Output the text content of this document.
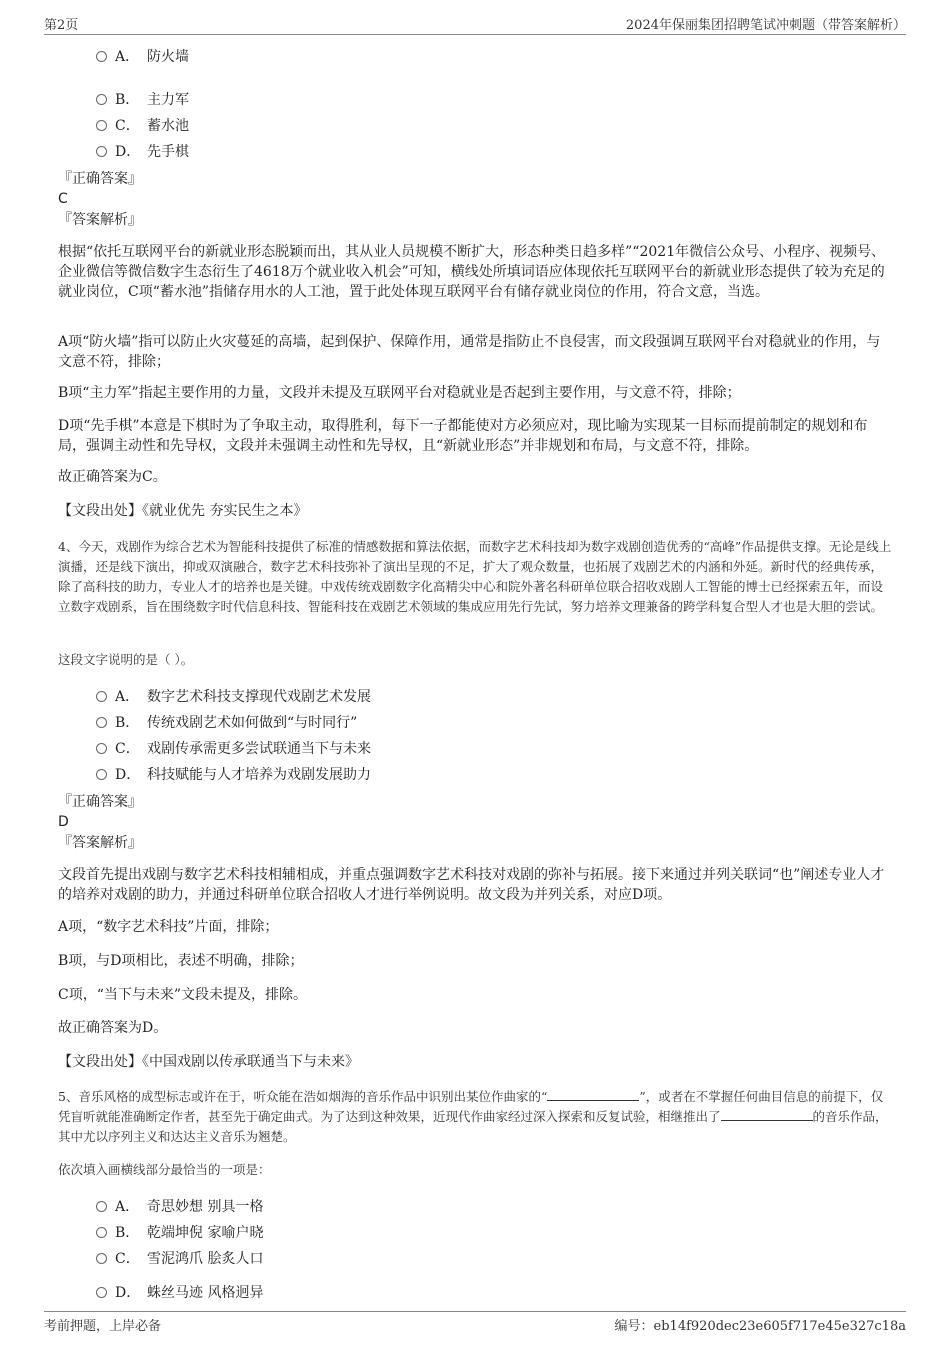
第2页	2024年保丽集团招聘笔试冲刺题（带答案解析）
A． 防火墙
B． 主力军
C． 蓄水池
D． 先手棋
『正确答案』
C
『答案解析』
根据“依托互联网平台的新就业形态脱颖而出，其从业人员规模不断扩大，形态种类日趋多样”“2021年微信公众号、小程序、视频号、企业微信等微信数字生态衍生了4618万个就业收入机会”可知，横线处所填词语应体现依托互联网平台的新就业形态提供了较为充足的就业岗位，C项“蓄水池”指储存用水的人工池，置于此处体现互联网平台有储存就业岗位的作用，符合文意，当选。
A项“防火墙”指可以防止火灾蔓延的高墙，起到保护、保障作用，通常是指防止不良侵害，而文段强调互联网平台对稳就业的作用，与文意不符，排除；
B项“主力军”指起主要作用的力量，文段并未提及互联网平台对稳就业是否起到主要作用，与文意不符，排除；
D项“先手棋”本意是下棋时为了争取主动，取得胜利，每下一子都能使对方必须应对，现比喻为实现某一目标而提前制定的规划和布局，强调主动性和先导权，文段并未强调主动性和先导权，且“新就业形态”并非规划和布局，与文意不符，排除。
故正确答案为C。
【文段出处】《就业优先 夯实民生之本》
4、今天，戏剧作为综合艺术为智能科技提供了标准的情感数据和算法依据，而数字艺术科技却为数字戏剧创造优秀的“高峰”作品提供支撑。无论是线上演播，还是线下演出，抑或双演融合，数字艺术科技弥补了演出呈现的不足，扩大了观众数量，也拓展了戏剧艺术的内涵和外延。新时代的经典传承，除了高科技的助力，专业人才的培养也是关键。中戏传统戏剧数字化高精尖中心和院外著名科研单位联合招收戏剧人工智能的博士已经探索五年，而设立数字戏剧系，旨在围绕数字时代信息科技、智能科技在戏剧艺术领域的集成应用先行先试，努力培养文理兼备的跨学科复合型人才也是大胆的尝试。
这段文字说明的是（ ）。
A． 数字艺术科技支撑现代戏剧艺术发展
B． 传统戏剧艺术如何做到“与时同行”
C． 戏剧传承需更多尝试联通当下与未来
D． 科技赋能与人才培养为戏剧发展助力
『正确答案』
D
『答案解析』
文段首先提出戏剧与数字艺术科技相辅相成，并重点强调数字艺术科技对戏剧的弥补与拓展。接下来通过并列关联词“也”阐述专业人才的培养对戏剧的助力，并通过科研单位联合招收人才进行举例说明。故文段为并列关系，对应D项。
A项，“数字艺术科技”片面，排除；
B项，与D项相比，表述不明确，排除；
C项，“当下与未来”文段未提及，排除。
故正确答案为D。
【文段出处】《中国戏剧以传承联通当下与未来》
5、音乐风格的成型标志或许在于，听众能在浩如烟海的音乐作品中识别出某位作曲家的“	”，或者在不掌握任何曲目信息的前提下，仅凭盲听就能准确断定作者，甚至先于确定曲式。为了达到这种效果，近现代作曲家经过深入探索和反复试验，相继推出了	的音乐作品，其中尤以序列主义和达达主义音乐为翘楚。
依次填入画横线部分最恰当的一项是：
A． 奇思妙想 别具一格
B． 乾端坤倪 家喻户晓
C． 雪泥鸿爪 脍炙人口
D． 蛛丝马迹 风格迥异
考前押题，上岸必备	编号：eb14f920dec23e605f717e45e327c18a
